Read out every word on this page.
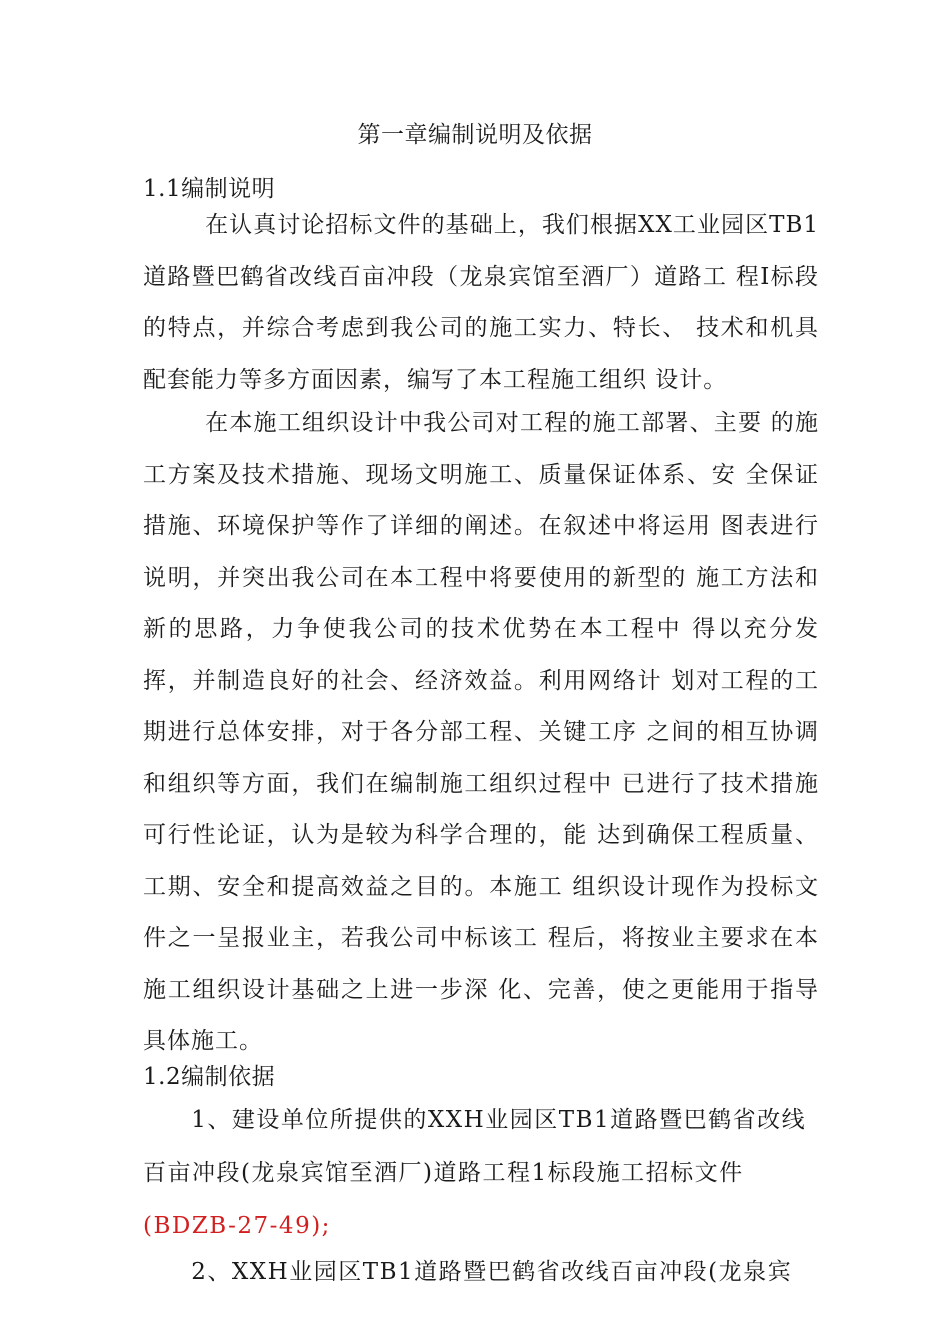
第一章编制说明及依据
1.1编制说明

在认真讨论招标文件的基础上，我们根据XX工业园区TB1道路暨巴鹤省改线百亩冲段（龙泉宾馆至酒厂）道路工 程I标段的特点，并综合考虑到我公司的施工实力、特长、 技术和机具配套能力等多方面因素，编写了本工程施工组织 设计。

在本施工组织设计中我公司对工程的施工部署、主要 的施工方案及技术措施、现场文明施工、质量保证体系、安 全保证措施、环境保护等作了详细的阐述。在叙述中将运用 图表进行说明，并突出我公司在本工程中将要使用的新型的 施工方法和新的思路，力争使我公司的技术优势在本工程中 得以充分发挥，并制造良好的社会、经济效益。利用网络计 划对工程的工期进行总体安排，对于各分部工程、关键工序 之间的相互协调和组织等方面，我们在编制施工组织过程中 已进行了技术措施可行性论证，认为是较为科学合理的，能 达到确保工程质量、工期、安全和提高效益之目的。本施工 组织设计现作为投标文件之一呈报业主，若我公司中标该工 程后，将按业主要求在本施工组织设计基础之上进一步深 化、完善，使之更能用于指导具体施工。

1.2编制依据

1、建设单位所提供的XXH业园区TB1道路暨巴鹤省改线百亩冲段(龙泉宾馆至酒厂)道路工程1标段施工招标文件(BDZB-27-49);

2、XXH业园区TB1道路暨巴鹤省改线百亩冲段(龙泉宾
